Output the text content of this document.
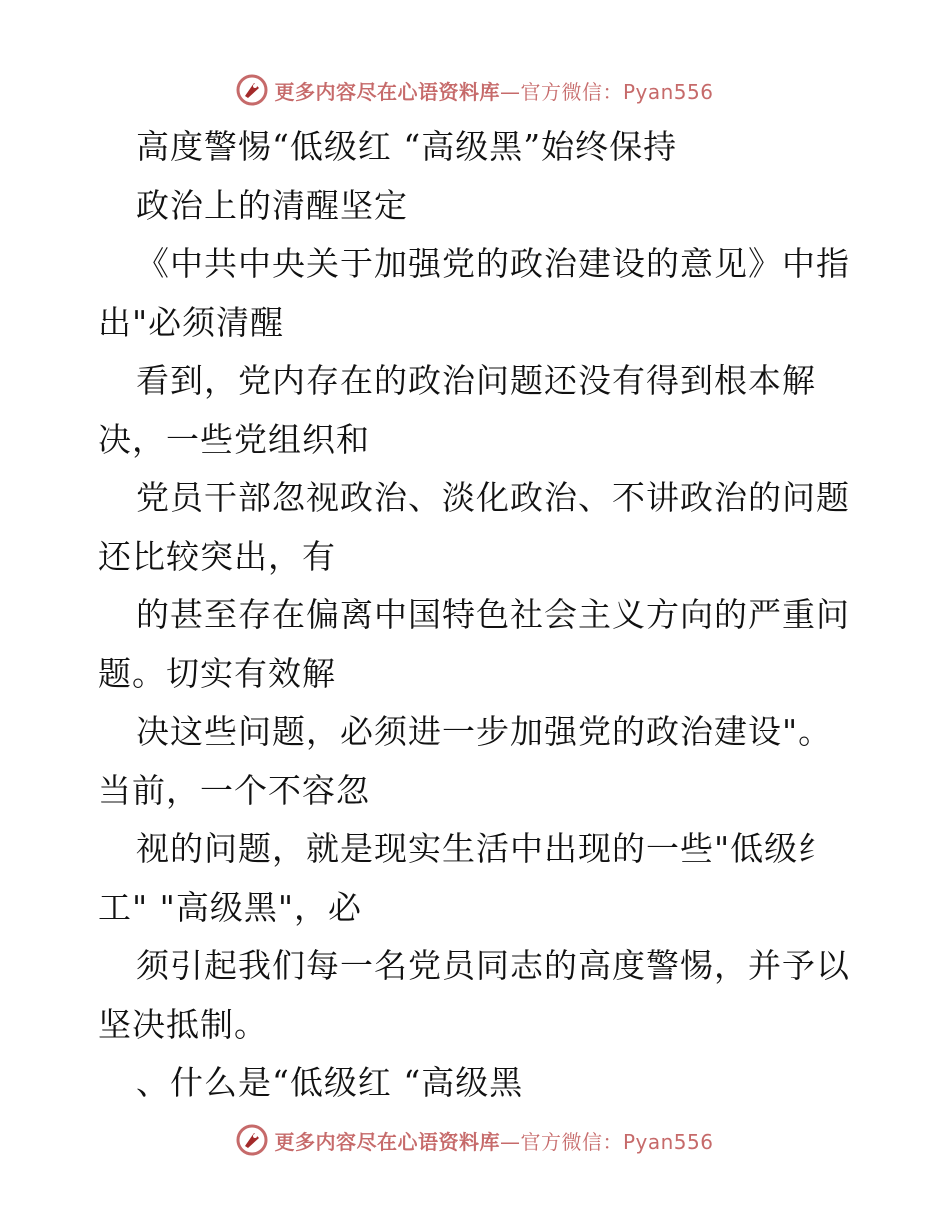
更多内容尽在心语资料库—官方微信：Pyan556
高度警惕“低级红 “高级黑”始终保持
政治上的清醒坚定
《中共中央关于加强党的政治建设的意见》中指
出"必须清醒
看到，党内存在的政治问题还没有得到根本解
决，一些党组织和
党员干部忽视政治、淡化政治、不讲政治的问题
还比较突出，有
的甚至存在偏离中国特色社会主义方向的严重问
题。切实有效解
决这些问题，必须进一步加强党的政治建设"。
当前，一个不容忽
视的问题，就是现实生活中出现的一些"低级纟
工" "高级黑"，必
须引起我们每一名党员同志的高度警惕，并予以
坚决抵制。
、什么是“低级红 “高级黑
更多内容尽在心语资料库—官方微信：Pyan556
